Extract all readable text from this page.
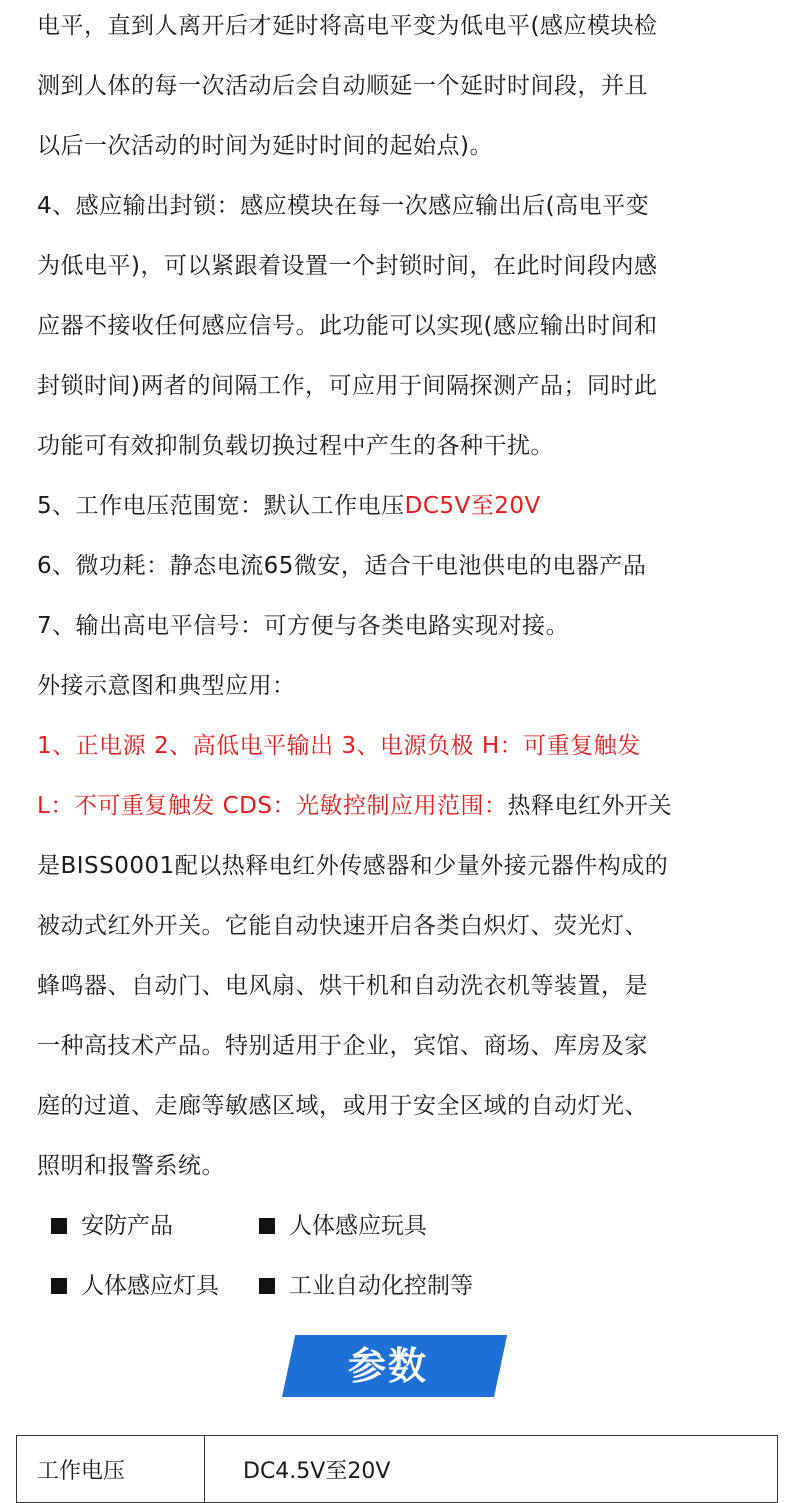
电平，直到人离开后才延时将高电平变为低电平(感应模块检
测到人体的每一次活动后会自动顺延一个延时时间段，并且
以后一次活动的时间为延时时间的起始点)。
4、感应输出封锁：感应模块在每一次感应输出后(高电平变
为低电平)，可以紧跟着设置一个封锁时间，在此时间段内感
应器不接收任何感应信号。此功能可以实现(感应输出时间和
封锁时间)两者的间隔工作，可应用于间隔探测产品；同时此
功能可有效抑制负载切换过程中产生的各种干扰。
5、工作电压范围宽：默认工作电压DC5V至20V
6、微功耗：静态电流65微安，适合干电池供电的电器产品
7、输出高电平信号：可方便与各类电路实现对接。
外接示意图和典型应用：
1、正电源 2、高低电平输出 3、电源负极 H：可重复触发
L：不可重复触发 CDS：光敏控制应用范围：热释电红外开关
是BISS0001配以热释电红外传感器和少量外接元器件构成的
被动式红外开关。它能自动快速开启各类白炽灯、荧光灯、
蜂鸣器、自动门、电风扇、烘干机和自动洗衣机等装置，是
一种高技术产品。特别适用于企业，宾馆、商场、库房及家
庭的过道、走廊等敏感区域，或用于安全区域的自动灯光、
照明和报警系统。
安防产品	人体感应玩具
人体感应灯具	工业自动化控制等
参数
工作电压	DC4.5V至20V
